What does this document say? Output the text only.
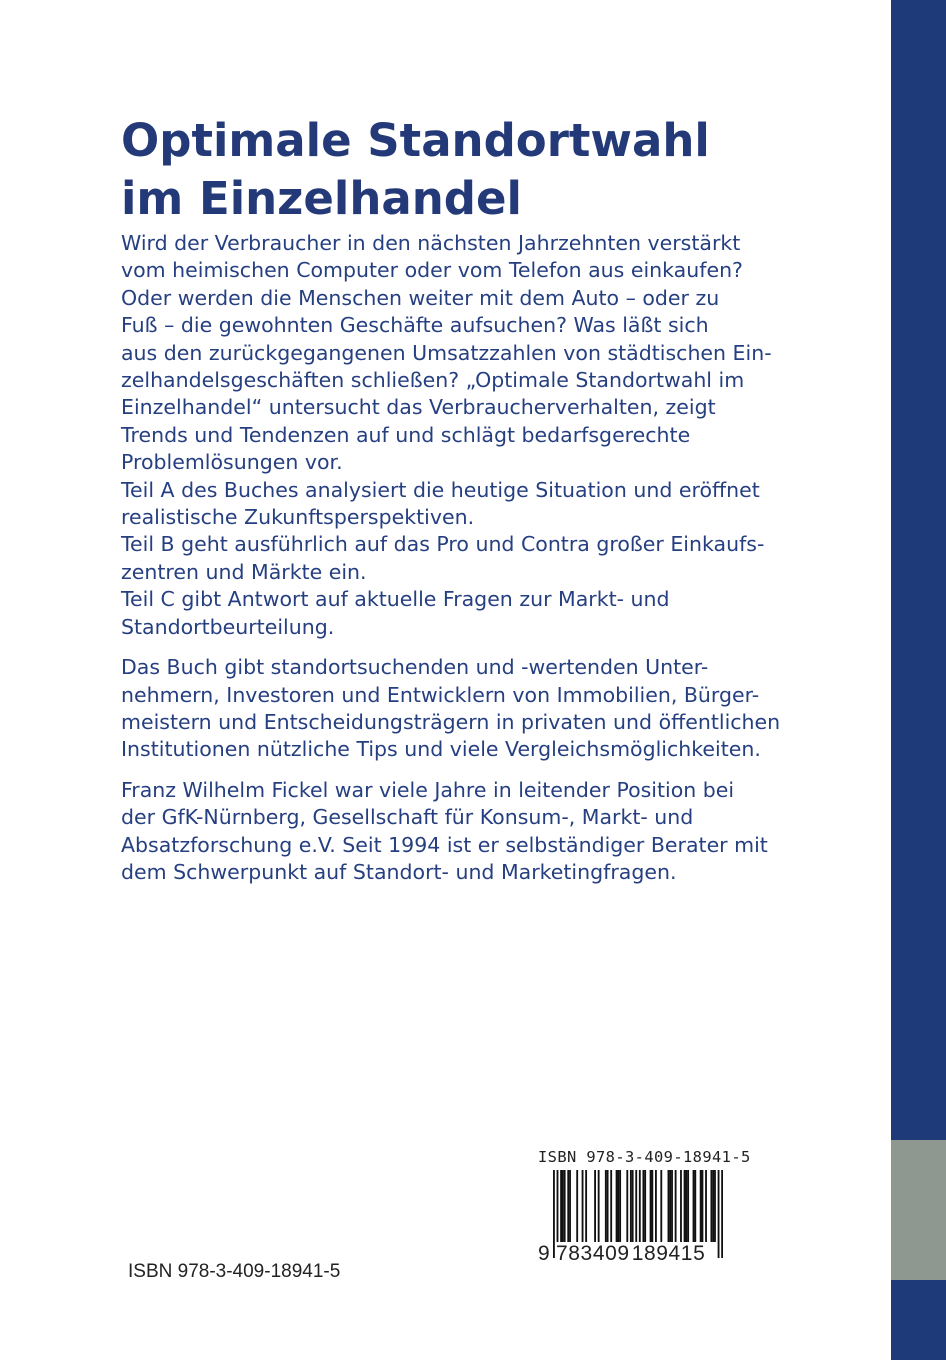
Optimale Standortwahl
im Einzelhandel

Wird der Verbraucher in den nächsten Jahrzehnten verstärkt
vom heimischen Computer oder vom Telefon aus einkaufen?
Oder werden die Menschen weiter mit dem Auto – oder zu
Fuß – die gewohnten Geschäfte aufsuchen? Was läßt sich
aus den zurückgegangenen Umsatzzahlen von städtischen Ein-
zelhandelsgeschäften schließen? „Optimale Standortwahl im
Einzelhandel“ untersucht das Verbraucherverhalten, zeigt
Trends und Tendenzen auf und schlägt bedarfsgerechte
Problemlösungen vor.
Teil A des Buches analysiert die heutige Situation und eröffnet
realistische Zukunftsperspektiven.
Teil B geht ausführlich auf das Pro und Contra großer Einkaufs-
zentren und Märkte ein.
Teil C gibt Antwort auf aktuelle Fragen zur Markt- und
Standortbeurteilung.

Das Buch gibt standortsuchenden und -wertenden Unter-
nehmern, Investoren und Entwicklern von Immobilien, Bürger-
meistern und Entscheidungsträgern in privaten und öffentlichen
Institutionen nützliche Tips und viele Vergleichsmöglichkeiten.

Franz Wilhelm Fickel war viele Jahre in leitender Position bei
der GfK-Nürnberg, Gesellschaft für Konsum-, Markt- und
Absatzforschung e.V. Seit 1994 ist er selbständiger Berater mit
dem Schwerpunkt auf Standort- und Marketingfragen.

ISBN 978-3-409-18941-5
9 783409189415
ISBN 978-3-409-18941-5
